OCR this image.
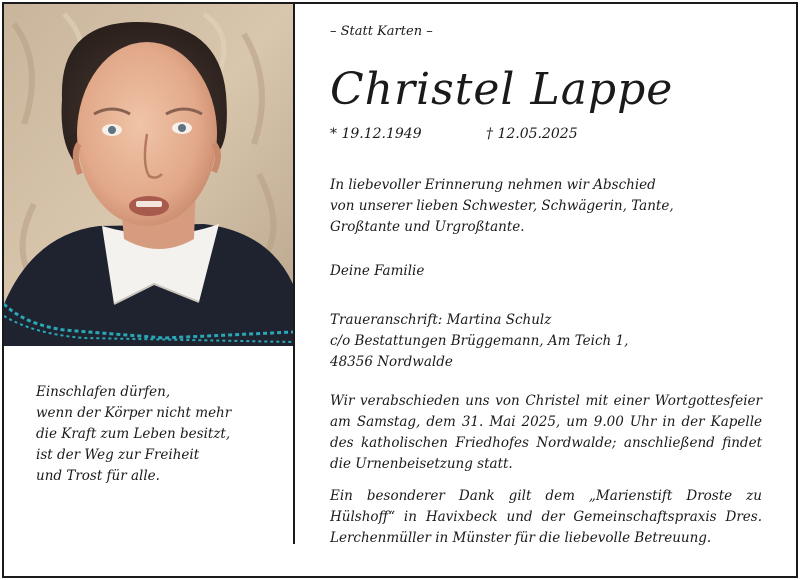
Einschlafen dürfen,
wenn der Körper nicht mehr
die Kraft zum Leben besitzt,
ist der Weg zur Freiheit
und Trost für alle.
– Statt Karten –
Christel Lappe
* 19.12.1949	† 12.05.2025
In liebevoller Erinnerung nehmen wir Abschied
von unserer lieben Schwester, Schwägerin, Tante,
Großtante und Urgroßtante.
Deine Familie
Traueranschrift: Martina Schulz
c/o Bestattungen Brüggemann, Am Teich 1,
48356 Nordwalde
Wir verabschieden uns von Christel mit einer Wortgottesfeier am Samstag, dem 31. Mai 2025, um 9.00 Uhr in der Kapelle des katholischen Friedhofes Nordwalde; anschließend findet die Urnenbeisetzung statt.
Ein besonderer Dank gilt dem „Marienstift Droste zu Hülshoff“ in Havixbeck und der Gemeinschaftspraxis Dres. Lerchenmüller in Münster für die liebevolle Betreuung.
